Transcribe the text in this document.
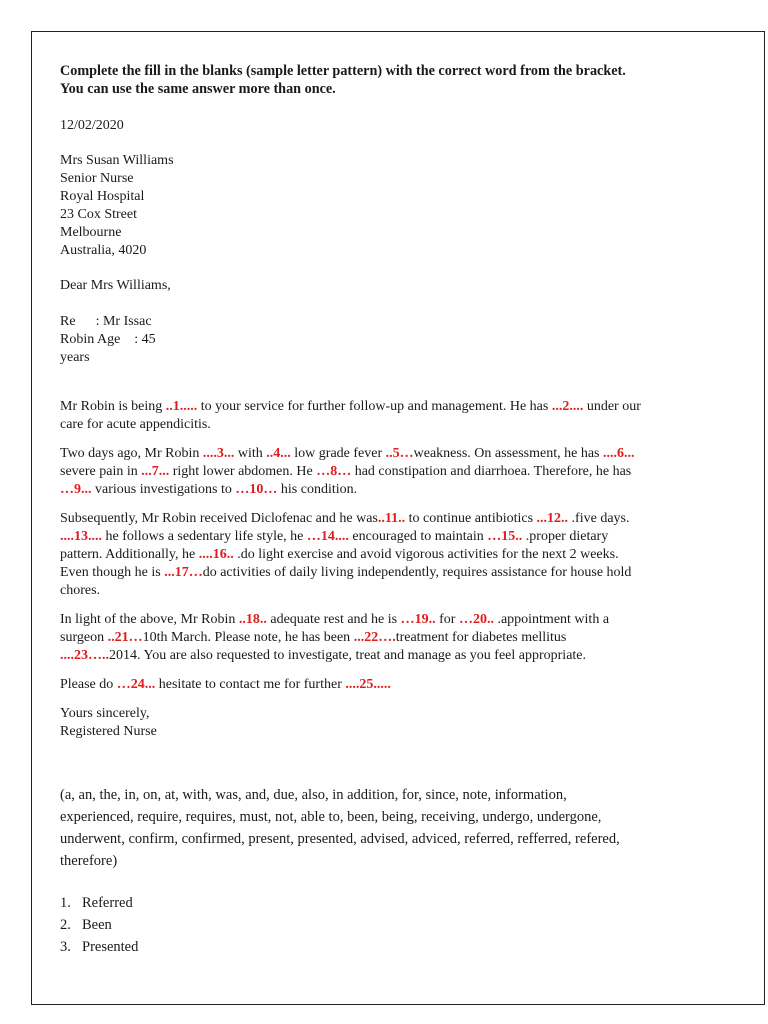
Complete the fill in the blanks (sample letter pattern) with the correct word from the bracket. You can use the same answer more than once.
12/02/2020
Mrs Susan Williams
Senior Nurse
Royal Hospital
23 Cox Street
Melbourne
Australia, 4020
Dear Mrs Williams,
Re : Mr Issac
Robin Age : 45
years

Mr Robin is being ..1..... to your service for further follow-up and management. He has ...2.... under our care for acute appendicitis.

Two days ago, Mr Robin ....3... with ..4... low grade fever ..5…weakness. On assessment, he has ....6... severe pain in ...7... right lower abdomen. He …8… had constipation and diarrhoea. Therefore, he has …9... various investigations to …10… his condition.

Subsequently, Mr Robin received Diclofenac and he was..11.. to continue antibiotics ...12.. .five days. ....13.... he follows a sedentary life style, he …14.... encouraged to maintain …15.. .proper dietary pattern. Additionally, he ....16.. .do light exercise and avoid vigorous activities for the next 2 weeks. Even though he is ...17…do activities of daily living independently, requires assistance for house hold chores.

In light of the above, Mr Robin ..18.. adequate rest and he is …19.. for …20.. .appointment with a surgeon ..21…10th March. Please note, he has been ...22….treatment for diabetes mellitus ....23…..2014. You are also requested to investigate, treat and manage as you feel appropriate.

Please do …24... hesitate to contact me for further ....25.....

Yours sincerely,
Registered Nurse
(a, an, the, in, on, at, with, was, and, due, also, in addition, for, since, note, information, experienced, require, requires, must, not, able to, been, being, receiving, undergo, undergone, underwent, confirm, confirmed, present, presented, advised, adviced, referred, refferred, refered, therefore)
1. Referred
2. Been
3. Presented
